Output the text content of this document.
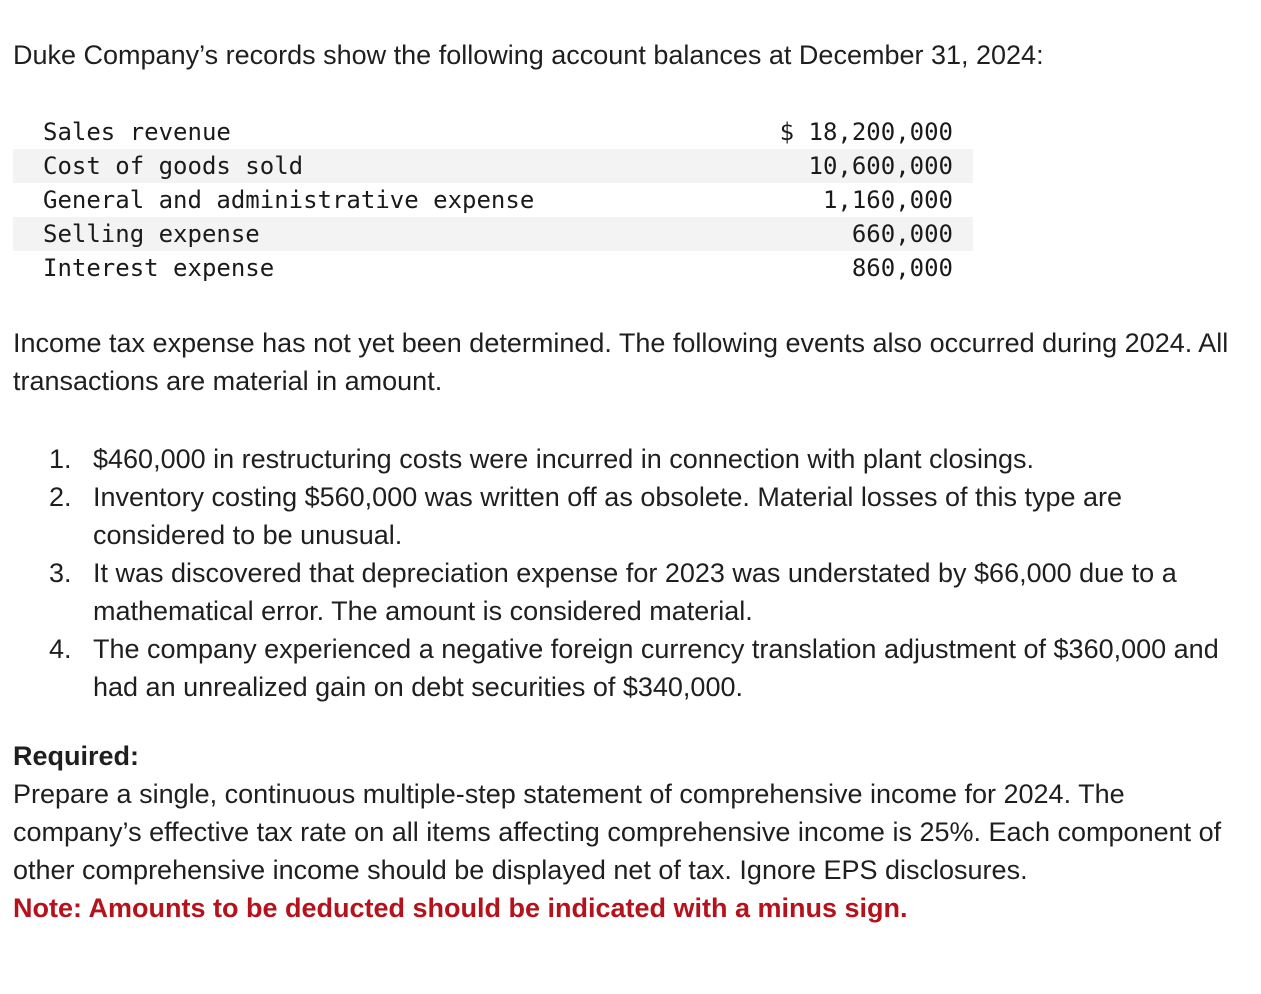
Duke Company’s records show the following account balances at December 31, 2024:

Sales revenue	$ 18,200,000
Cost of goods sold	10,600,000
General and administrative expense	1,160,000
Selling expense	660,000
Interest expense	860,000

Income tax expense has not yet been determined. The following events also occurred during 2024. All transactions are material in amount.

1. $460,000 in restructuring costs were incurred in connection with plant closings.
2. Inventory costing $560,000 was written off as obsolete. Material losses of this type are considered to be unusual.
3. It was discovered that depreciation expense for 2023 was understated by $66,000 due to a mathematical error. The amount is considered material.
4. The company experienced a negative foreign currency translation adjustment of $360,000 and had an unrealized gain on debt securities of $340,000.
Required:
Prepare a single, continuous multiple-step statement of comprehensive income for 2024. The company’s effective tax rate on all items affecting comprehensive income is 25%. Each component of other comprehensive income should be displayed net of tax. Ignore EPS disclosures.
Note: Amounts to be deducted should be indicated with a minus sign.
